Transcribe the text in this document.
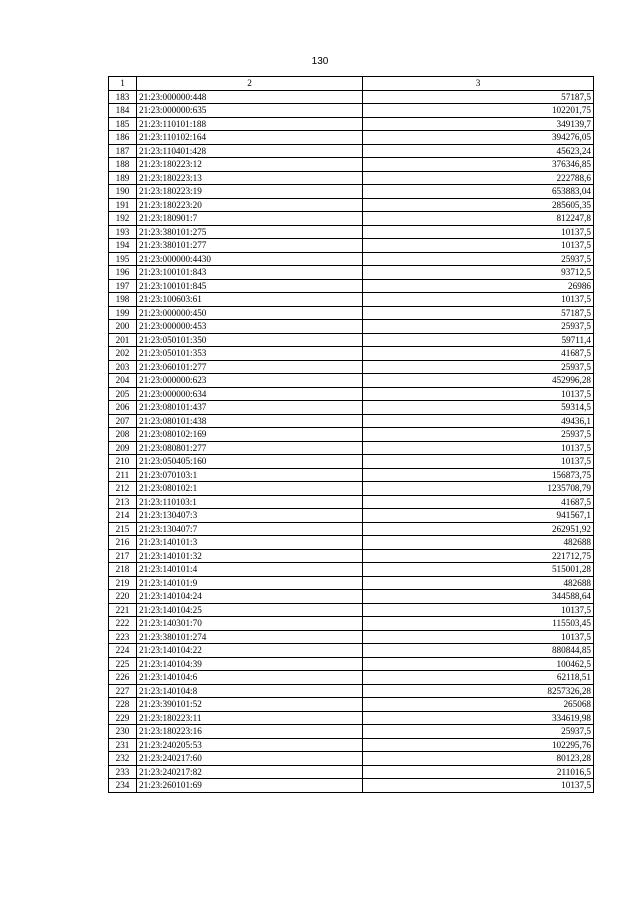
130
1	2	3
183	21:23:000000:448	57187,5
184	21:23:000000:635	102201,75
185	21:23:110101:188	349139,7
186	21:23:110102:164	394276,05
187	21:23:110401:428	45623,24
188	21:23:180223:12	376346,85
189	21:23:180223:13	222788,6
190	21:23:180223:19	653883,04
191	21:23:180223:20	285605,35
192	21:23:180901:7	812247,8
193	21:23:380101:275	10137,5
194	21:23:380101:277	10137,5
195	21:23:000000:4430	25937,5
196	21:23:100101:843	93712,5
197	21:23:100101:845	26986
198	21:23:100603:61	10137,5
199	21:23:000000:450	57187,5
200	21:23:000000:453	25937,5
201	21:23:050101:350	59711,4
202	21:23:050101:353	41687,5
203	21:23:060101:277	25937,5
204	21:23:000000:623	452996,28
205	21:23:000000:634	10137,5
206	21:23:080101:437	59314,5
207	21:23:080101:438	49436,1
208	21:23:080102:169	25937,5
209	21:23:080801:277	10137,5
210	21:23:050405:160	10137,5
211	21:23:070103:1	156873,75
212	21:23:080102:1	1235708,79
213	21:23:110103:1	41687,5
214	21:23:130407:3	941567,1
215	21:23:130407:7	262951,92
216	21:23:140101:3	482688
217	21:23:140101:32	221712,75
218	21:23:140101:4	515001,28
219	21:23:140101:9	482688
220	21:23:140104:24	344588,64
221	21:23:140104:25	10137,5
222	21:23:140301:70	115503,45
223	21:23:380101:274	10137,5
224	21:23:140104:22	880844,85
225	21:23:140104:39	100462,5
226	21:23:140104:6	62118,51
227	21:23:140104:8	8257326,28
228	21:23:390101:52	265068
229	21:23:180223:11	334619,98
230	21:23:180223:16	25937,5
231	21:23:240205:53	102295,76
232	21:23:240217:60	80123,28
233	21:23:240217:82	211016,5
234	21:23:260101:69	10137,5
